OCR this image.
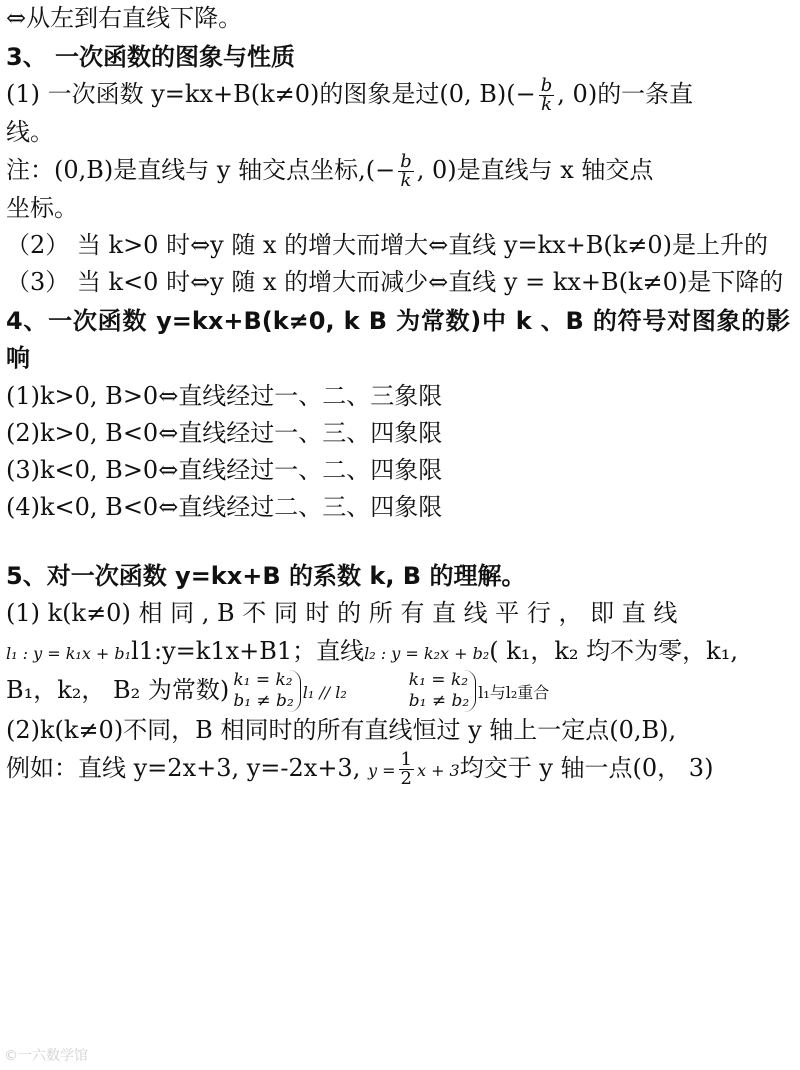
⇔从左到右直线下降。
3、 一次函数的图象与性质
(1) 一次函数 y=kx+B(k≠0)的图象是过(0, $B)(- \frac{b}{k}$ , 0)的一条直
线。
注：(0,B)是直线与 y 轴交点坐标,(− $\frac{b}{k}$ , 0)是直线与 x 轴交点
坐标。
（2） 当 k>0 时⇔y 随 x 的增大而增大⇔直线 y=kx+B(k≠0)是上升的
（3） 当 k<0 时⇔y 随 x 的增大而减少⇔直线 y = kx+B(k≠0)是下降的
4、一次函数 y=kx+B(k≠0, k B 为常数)中 k 、B 的符号对图象的影响
(1)k>0, B>0⇔直线经过一、二、三象限
(2)k>0, B<0⇔直线经过一、三、四象限
(3)k<0, B>0⇔直线经过一、二、四象限
(4)k<0, B<0⇔直线经过二、三、四象限
5、对一次函数 y=kx+B 的系数 k, B 的理解。
(1) k(k≠0) 相 同 , B 不 同 时 的 所 有 直 线 平 行 ， 即 直 线
l₁ : y = k₁x + b₁l1:y=k1x+B1；直线l₂ : y = k₂x + b₂( k₁，k₂ 均不为零，k₁,
B₁，k₂， B₂ 为常数) k₁ = k₂
b₁ ≠ b₂ l₁ // l₂
k₁ = k₂
b₁ ≠ b₂ l₁与l₂重合
(2)k(k≠0)不同，B 相同时的所有直线恒过 y 轴上一定点(0,B),
例如：直线 y=2x+3, y=-2x+3, $y = \frac{1}{2}$ x + 3均交于 y 轴一点(0， 3)
©一六数学馆
